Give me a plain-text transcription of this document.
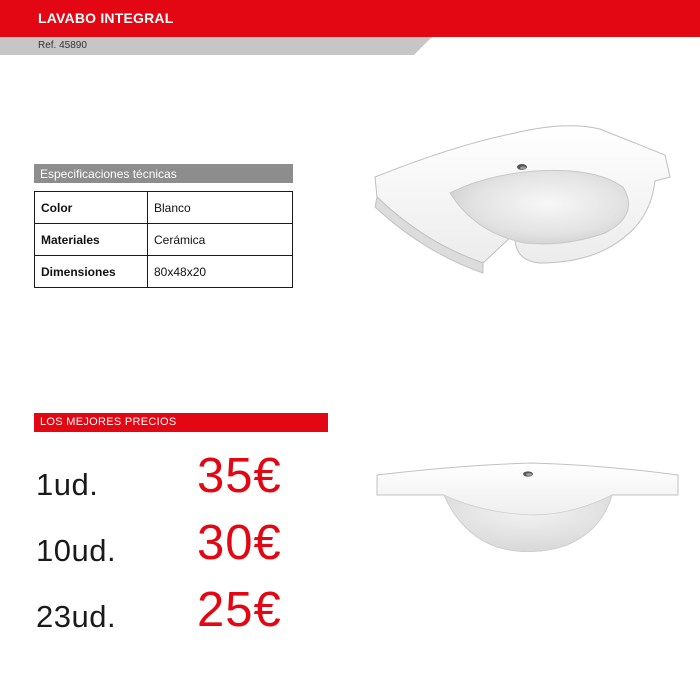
LAVABO INTEGRAL
Ref. 45890
Especificaciones técnicas
Color	Blanco
Materiales	Cerámica
Dimensiones	80x48x20
LOS MEJORES PRECIOS
1ud. 35€
10ud. 30€
23ud. 25€
